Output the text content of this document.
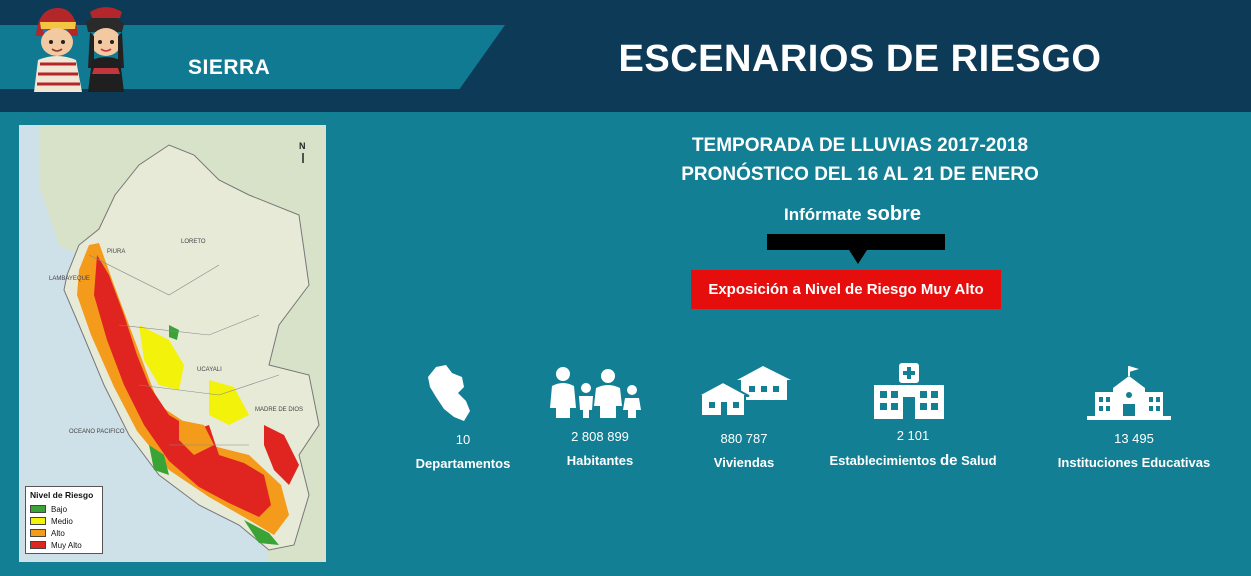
SIERRA	ESCENARIOS DE RIESGO
PIURA
LAMBAYEQUE
LORETO
UCAYALI
MADRE DE DIOS
OCEANO PACIFICO
N
Nivel de Riesgo
Bajo
Medio
Alto
Muy Alto
TEMPORADA DE LLUVIAS 2017-2018
PRONÓSTICO DEL 16 AL 21 DE ENERO
Infórmate sobre
Exposición a Nivel de Riesgo Muy Alto
10
Departamentos
2 808 899
Habitantes
880 787
Viviendas
2 101
Establecimientos de Salud
13 495
Instituciones Educativas
